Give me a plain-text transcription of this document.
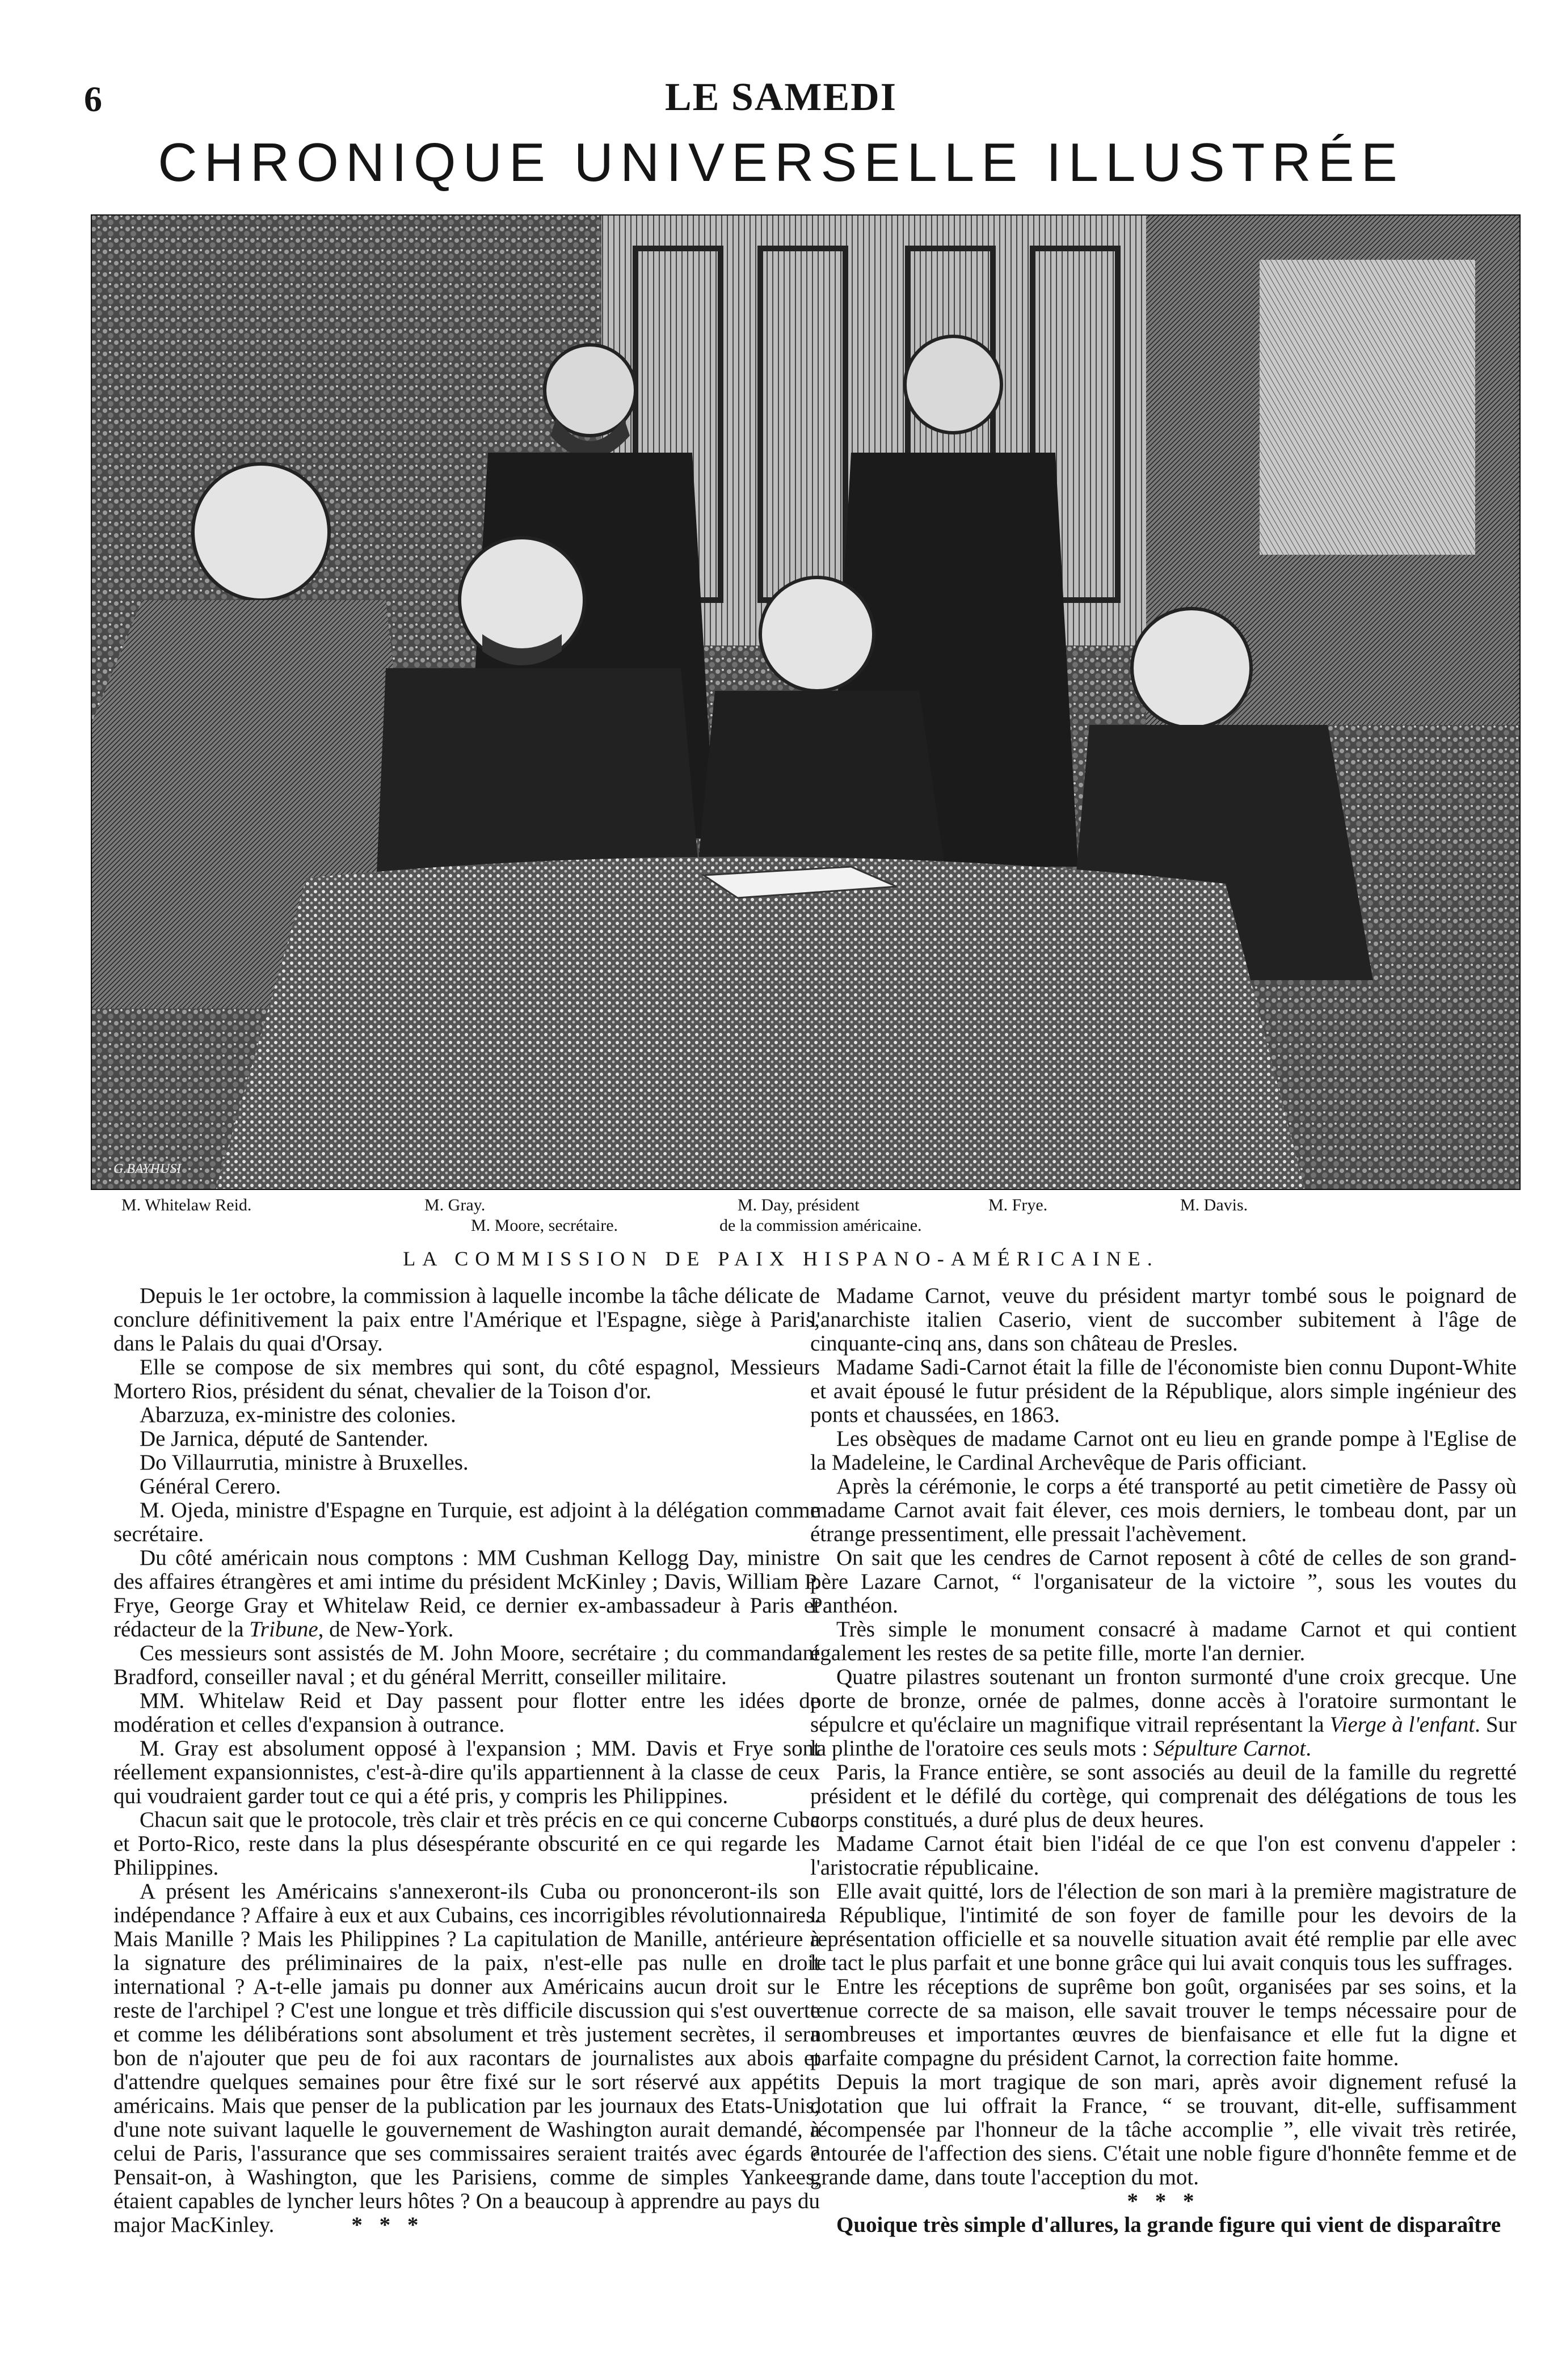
6	LE SAMEDI
CHRONIQUE UNIVERSELLE ILLUSTRÉE
G.BAYHUSI
M. Whitelaw Reid.	M. Gray.
M. Moore, secrétaire.
M. Day, président
de la commission américaine.
M. Frye.	M. Davis.
LA COMMISSION DE PAIX HISPANO-AMÉRICAINE.

Depuis le 1er octobre, la commission à laquelle incombe la tâche délicate de conclure définitivement la paix entre l'Amérique et l'Espagne, siège à Paris, dans le Palais du quai d'Orsay.

Elle se compose de six membres qui sont, du côté espagnol, Messieurs Mortero Rios, président du sénat, chevalier de la Toison d'or.

Abarzuza, ex-ministre des colonies.

De Jarnica, député de Santender.

Do Villaurrutia, ministre à Bruxelles.

Général Cerero.

M. Ojeda, ministre d'Espagne en Turquie, est adjoint à la délégation comme secrétaire.

Du côté américain nous comptons : MM Cushman Kellogg Day, ministre des affaires étrangères et ami intime du président McKinley ; Davis, William P. Frye, George Gray et Whitelaw Reid, ce dernier ex-ambassadeur à Paris et rédacteur de la Tribune, de New-York.

Ces messieurs sont assistés de M. John Moore, secrétaire ; du commandant Bradford, conseiller naval ; et du général Merritt, conseiller militaire.

MM. Whitelaw Reid et Day passent pour flotter entre les idées de modération et celles d'expansion à outrance.

M. Gray est absolument opposé à l'expansion ; MM. Davis et Frye sont réellement expansionnistes, c'est-à-dire qu'ils appartiennent à la classe de ceux qui voudraient garder tout ce qui a été pris, y compris les Philippines.

Chacun sait que le protocole, très clair et très précis en ce qui concerne Cuba et Porto-Rico, reste dans la plus désespérante obscurité en ce qui regarde les Philippines.

A présent les Américains s'annexeront-ils Cuba ou prononceront-ils son indépendance ? Affaire à eux et aux Cubains, ces incorrigibles révolutionnaires. Mais Manille ? Mais les Philippines ? La capitulation de Manille, antérieure à la signature des préliminaires de la paix, n'est-elle pas nulle en droit international ? A-t-elle jamais pu donner aux Américains aucun droit sur le reste de l'archipel ? C'est une longue et très difficile discussion qui s'est ouverte et comme les délibérations sont absolument et très justement secrètes, il sera bon de n'ajouter que peu de foi aux racontars de journalistes aux abois et d'attendre quelques semaines pour être fixé sur le sort réservé aux appétits américains. Mais que penser de la publication par les journaux des Etats-Unis, d'une note suivant laquelle le gouvernement de Washington aurait demandé, à celui de Paris, l'assurance que ses commissaires seraient traités avec égards ? Pensait-on, à Washington, que les Parisiens, comme de simples Yankees, étaient capables de lyncher leurs hôtes ? On a beaucoup à apprendre au pays du major MacKinley.	* * *

Madame Carnot, veuve du président martyr tombé sous le poignard de l'anarchiste italien Caserio, vient de succomber subitement à l'âge de cinquante-cinq ans, dans son château de Presles.

Madame Sadi-Carnot était la fille de l'économiste bien connu Dupont-White et avait épousé le futur président de la République, alors simple ingénieur des ponts et chaussées, en 1863.

Les obsèques de madame Carnot ont eu lieu en grande pompe à l'Eglise de la Madeleine, le Cardinal Archevêque de Paris officiant.

Après la cérémonie, le corps a été transporté au petit cimetière de Passy où madame Carnot avait fait élever, ces mois derniers, le tombeau dont, par un étrange pressentiment, elle pressait l'achèvement.

On sait que les cendres de Carnot reposent à côté de celles de son grand-père Lazare Carnot, “ l'organisateur de la victoire ”, sous les voutes du Panthéon.

Très simple le monument consacré à madame Carnot et qui contient également les restes de sa petite fille, morte l'an dernier.

Quatre pilastres soutenant un fronton surmonté d'une croix grecque. Une porte de bronze, ornée de palmes, donne accès à l'oratoire surmontant le sépulcre et qu'éclaire un magnifique vitrail représentant la Vierge à l'enfant. Sur la plinthe de l'oratoire ces seuls mots : Sépulture Carnot.

Paris, la France entière, se sont associés au deuil de la famille du regretté président et le défilé du cortège, qui comprenait des délégations de tous les corps constitués, a duré plus de deux heures.

Madame Carnot était bien l'idéal de ce que l'on est convenu d'appeler : l'aristocratie républicaine.

Elle avait quitté, lors de l'élection de son mari à la première magistrature de la République, l'intimité de son foyer de famille pour les devoirs de la représentation officielle et sa nouvelle situation avait été remplie par elle avec le tact le plus parfait et une bonne grâce qui lui avait conquis tous les suffrages.

Entre les réceptions de suprême bon goût, organisées par ses soins, et la tenue correcte de sa maison, elle savait trouver le temps nécessaire pour de nombreuses et importantes œuvres de bienfaisance et elle fut la digne et parfaite compagne du président Carnot, la correction faite homme.

Depuis la mort tragique de son mari, après avoir dignement refusé la dotation que lui offrait la France, “ se trouvant, dit-elle, suffisamment récompensée par l'honneur de la tâche accomplie ”, elle vivait très retirée, entourée de l'affection des siens. C'était une noble figure d'honnête femme et de grande dame, dans toute l'acception du mot.

* * *

Quoique très simple d'allures, la grande figure qui vient de disparaître
